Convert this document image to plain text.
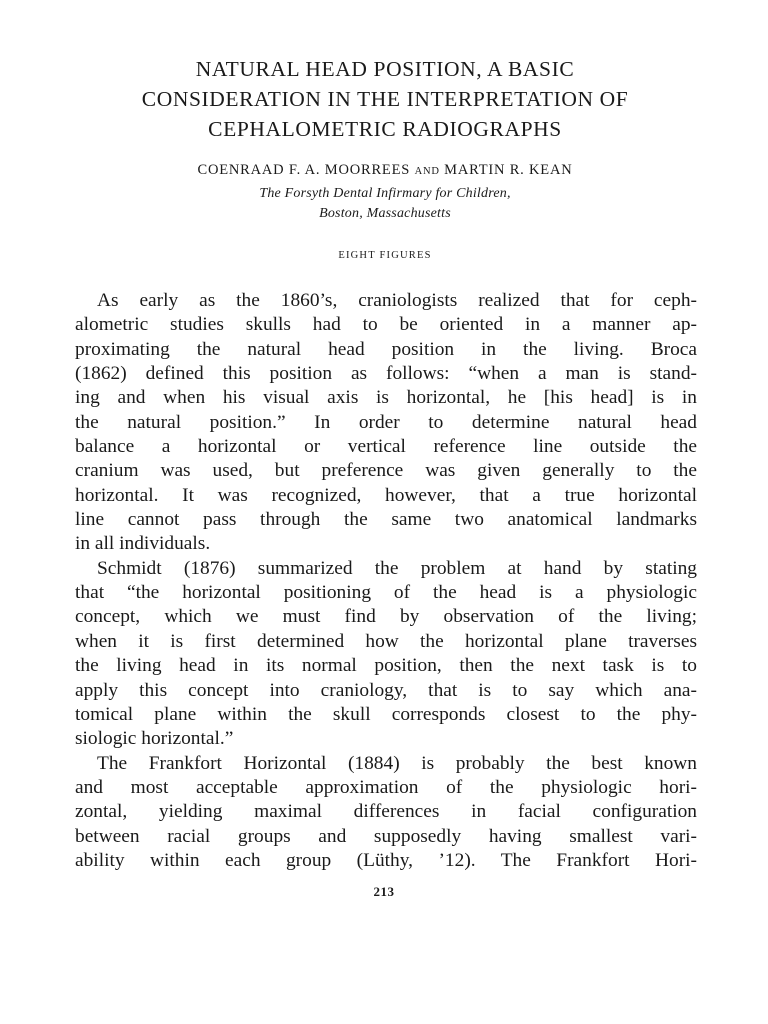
NATURAL HEAD POSITION, A BASIC
CONSIDERATION IN THE INTERPRETATION OF
CEPHALOMETRIC RADIOGRAPHS
COENRAAD F. A. MOORREES AND MARTIN R. KEAN
The Forsyth Dental Infirmary for Children,
Boston, Massachusetts
EIGHT FIGURES
As early as the 1860’s, craniologists realized that for ceph-
alometric studies skulls had to be oriented in a manner ap-
proximating the natural head position in the living. Broca
(1862) defined this position as follows: “when a man is stand-
ing and when his visual axis is horizontal, he [his head] is in
the natural position.” In order to determine natural head
balance a horizontal or vertical reference line outside the
cranium was used, but preference was given generally to the
horizontal. It was recognized, however, that a true horizontal
line cannot pass through the same two anatomical landmarks
in all individuals.
Schmidt (1876) summarized the problem at hand by stating
that “the horizontal positioning of the head is a physiologic
concept, which we must find by observation of the living;
when it is first determined how the horizontal plane traverses
the living head in its normal position, then the next task is to
apply this concept into craniology, that is to say which ana-
tomical plane within the skull corresponds closest to the phy-
siologic horizontal.”
The Frankfort Horizontal (1884) is probably the best known
and most acceptable approximation of the physiologic hori-
zontal, yielding maximal differences in facial configuration
between racial groups and supposedly having smallest vari-
ability within each group (Lüthy, ’12). The Frankfort Hori-
213
